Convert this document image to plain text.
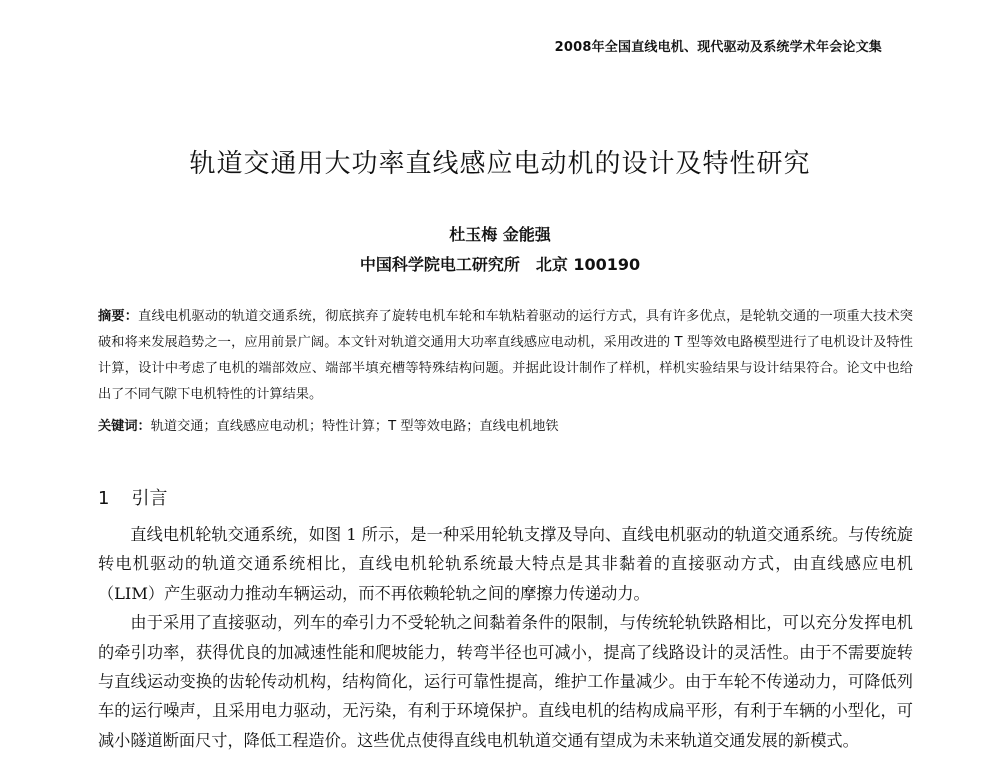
2008年全国直线电机、现代驱动及系统学术年会论文集
轨道交通用大功率直线感应电动机的设计及特性研究
杜玉梅 金能强
中国科学院电工研究所　北京 100190
摘要：直线电机驱动的轨道交通系统，彻底摈弃了旋转电机车轮和车轨粘着驱动的运行方式，具有许多优点，是轮轨交通的一项重大技术突破和将来发展趋势之一，应用前景广阔。本文针对轨道交通用大功率直线感应电动机，采用改进的 T 型等效电路模型进行了电机设计及特性计算，设计中考虑了电机的端部效应、端部半填充槽等特殊结构问题。并据此设计制作了样机，样机实验结果与设计结果符合。论文中也给出了不同气隙下电机特性的计算结果。
关键词：轨道交通；直线感应电动机；特性计算；T 型等效电路；直线电机地铁
1 引言

直线电机轮轨交通系统，如图 1 所示，是一种采用轮轨支撑及导向、直线电机驱动的轨道交通系统。与传统旋转电机驱动的轨道交通系统相比，直线电机轮轨系统最大特点是其非黏着的直接驱动方式，由直线感应电机（LIM）产生驱动力推动车辆运动，而不再依赖轮轨之间的摩擦力传递动力。

由于采用了直接驱动，列车的牵引力不受轮轨之间黏着条件的限制，与传统轮轨铁路相比，可以充分发挥电机的牵引功率，获得优良的加减速性能和爬坡能力，转弯半径也可减小，提高了线路设计的灵活性。由于不需要旋转与直线运动变换的齿轮传动机构，结构简化，运行可靠性提高，维护工作量减少。由于车轮不传递动力，可降低列车的运行噪声，且采用电力驱动，无污染，有利于环境保护。直线电机的结构成扁平形，有利于车辆的小型化，可减小隧道断面尺寸，降低工程造价。这些优点使得直线电机轨道交通有望成为未来轨道交通发展的新模式。
